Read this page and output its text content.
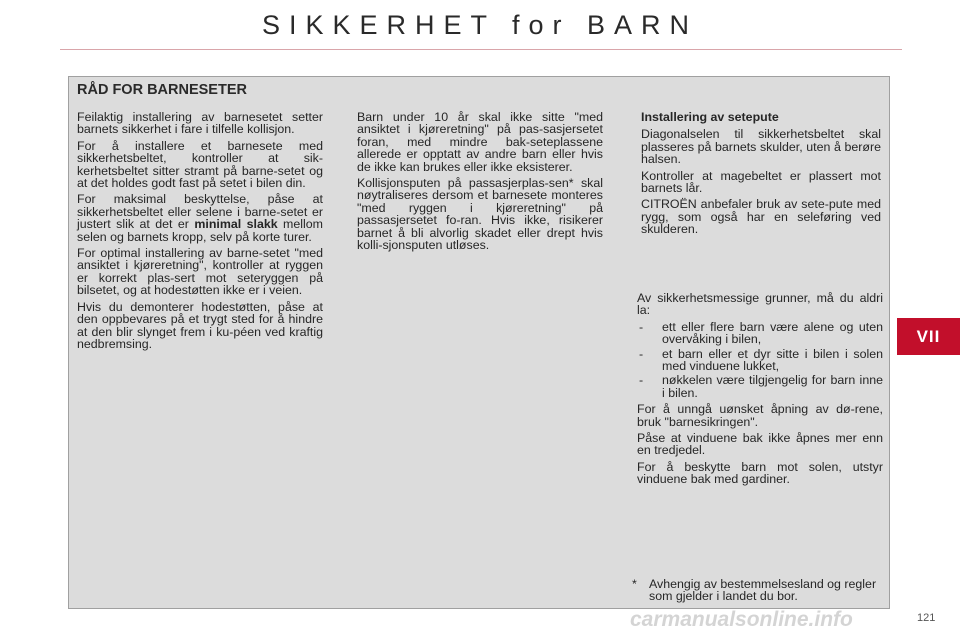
SIKKERHET for BARN
VII
RÅD FOR BARNESETER

Feilaktig installering av barnesetet setter barnets sikkerhet i fare i tilfelle kollisjon.

For å installere et barnesete med sikkerhetsbeltet, kontroller at sik-kerhetsbeltet sitter stramt på barne-setet og at det holdes godt fast på setet i bilen din.

For maksimal beskyttelse, påse at sikkerhetsbeltet eller selene i barne-setet er justert slik at det er minimal slakk mellom selen og barnets kropp, selv på korte turer.

For optimal installering av barne-setet "med ansiktet i kjøreretning", kontroller at ryggen er korrekt plas-sert mot seteryggen på bilsetet, og at hodestøtten ikke er i veien.

Hvis du demonterer hodestøtten, påse at den oppbevares på et trygt sted for å hindre at den blir slynget frem i ku-péen ved kraftig nedbremsing.

Barn under 10 år skal ikke sitte "med ansiktet i kjøreretning" på pas-sasjersetet foran, med mindre bak-seteplassene allerede er opptatt av andre barn eller hvis de ikke kan brukes eller ikke eksisterer.

Kollisjonsputen på passasjerplas-sen* skal nøytraliseres dersom et barnesete monteres "med ryggen i kjøreretning" på passasjersetet fo-ran. Hvis ikke, risikerer barnet å bli alvorlig skadet eller drept hvis kolli-sjonsputen utløses.

Installering av setepute

Diagonalselen til sikkerhetsbeltet skal plasseres på barnets skulder, uten å berøre halsen.

Kontroller at magebeltet er plassert mot barnets lår.

CITROËN anbefaler bruk av sete-pute med rygg, som også har en seleføring ved skulderen.

Av sikkerhetsmessige grunner, må du aldri la:

- ett eller flere barn være alene og uten overvåking i bilen,
- et barn eller et dyr sitte i bilen i solen med vinduene lukket,
- nøkkelen være tilgjengelig for barn inne i bilen.

For å unngå uønsket åpning av dø-rene, bruk "barnesikringen".

Påse at vinduene bak ikke åpnes mer enn en tredjedel.

For å beskytte barn mot solen, utstyr vinduene bak med gardiner.

* Avhengig av bestemmelsesland og regler som gjelder i landet du bor.
carmanualsonline.info	121
